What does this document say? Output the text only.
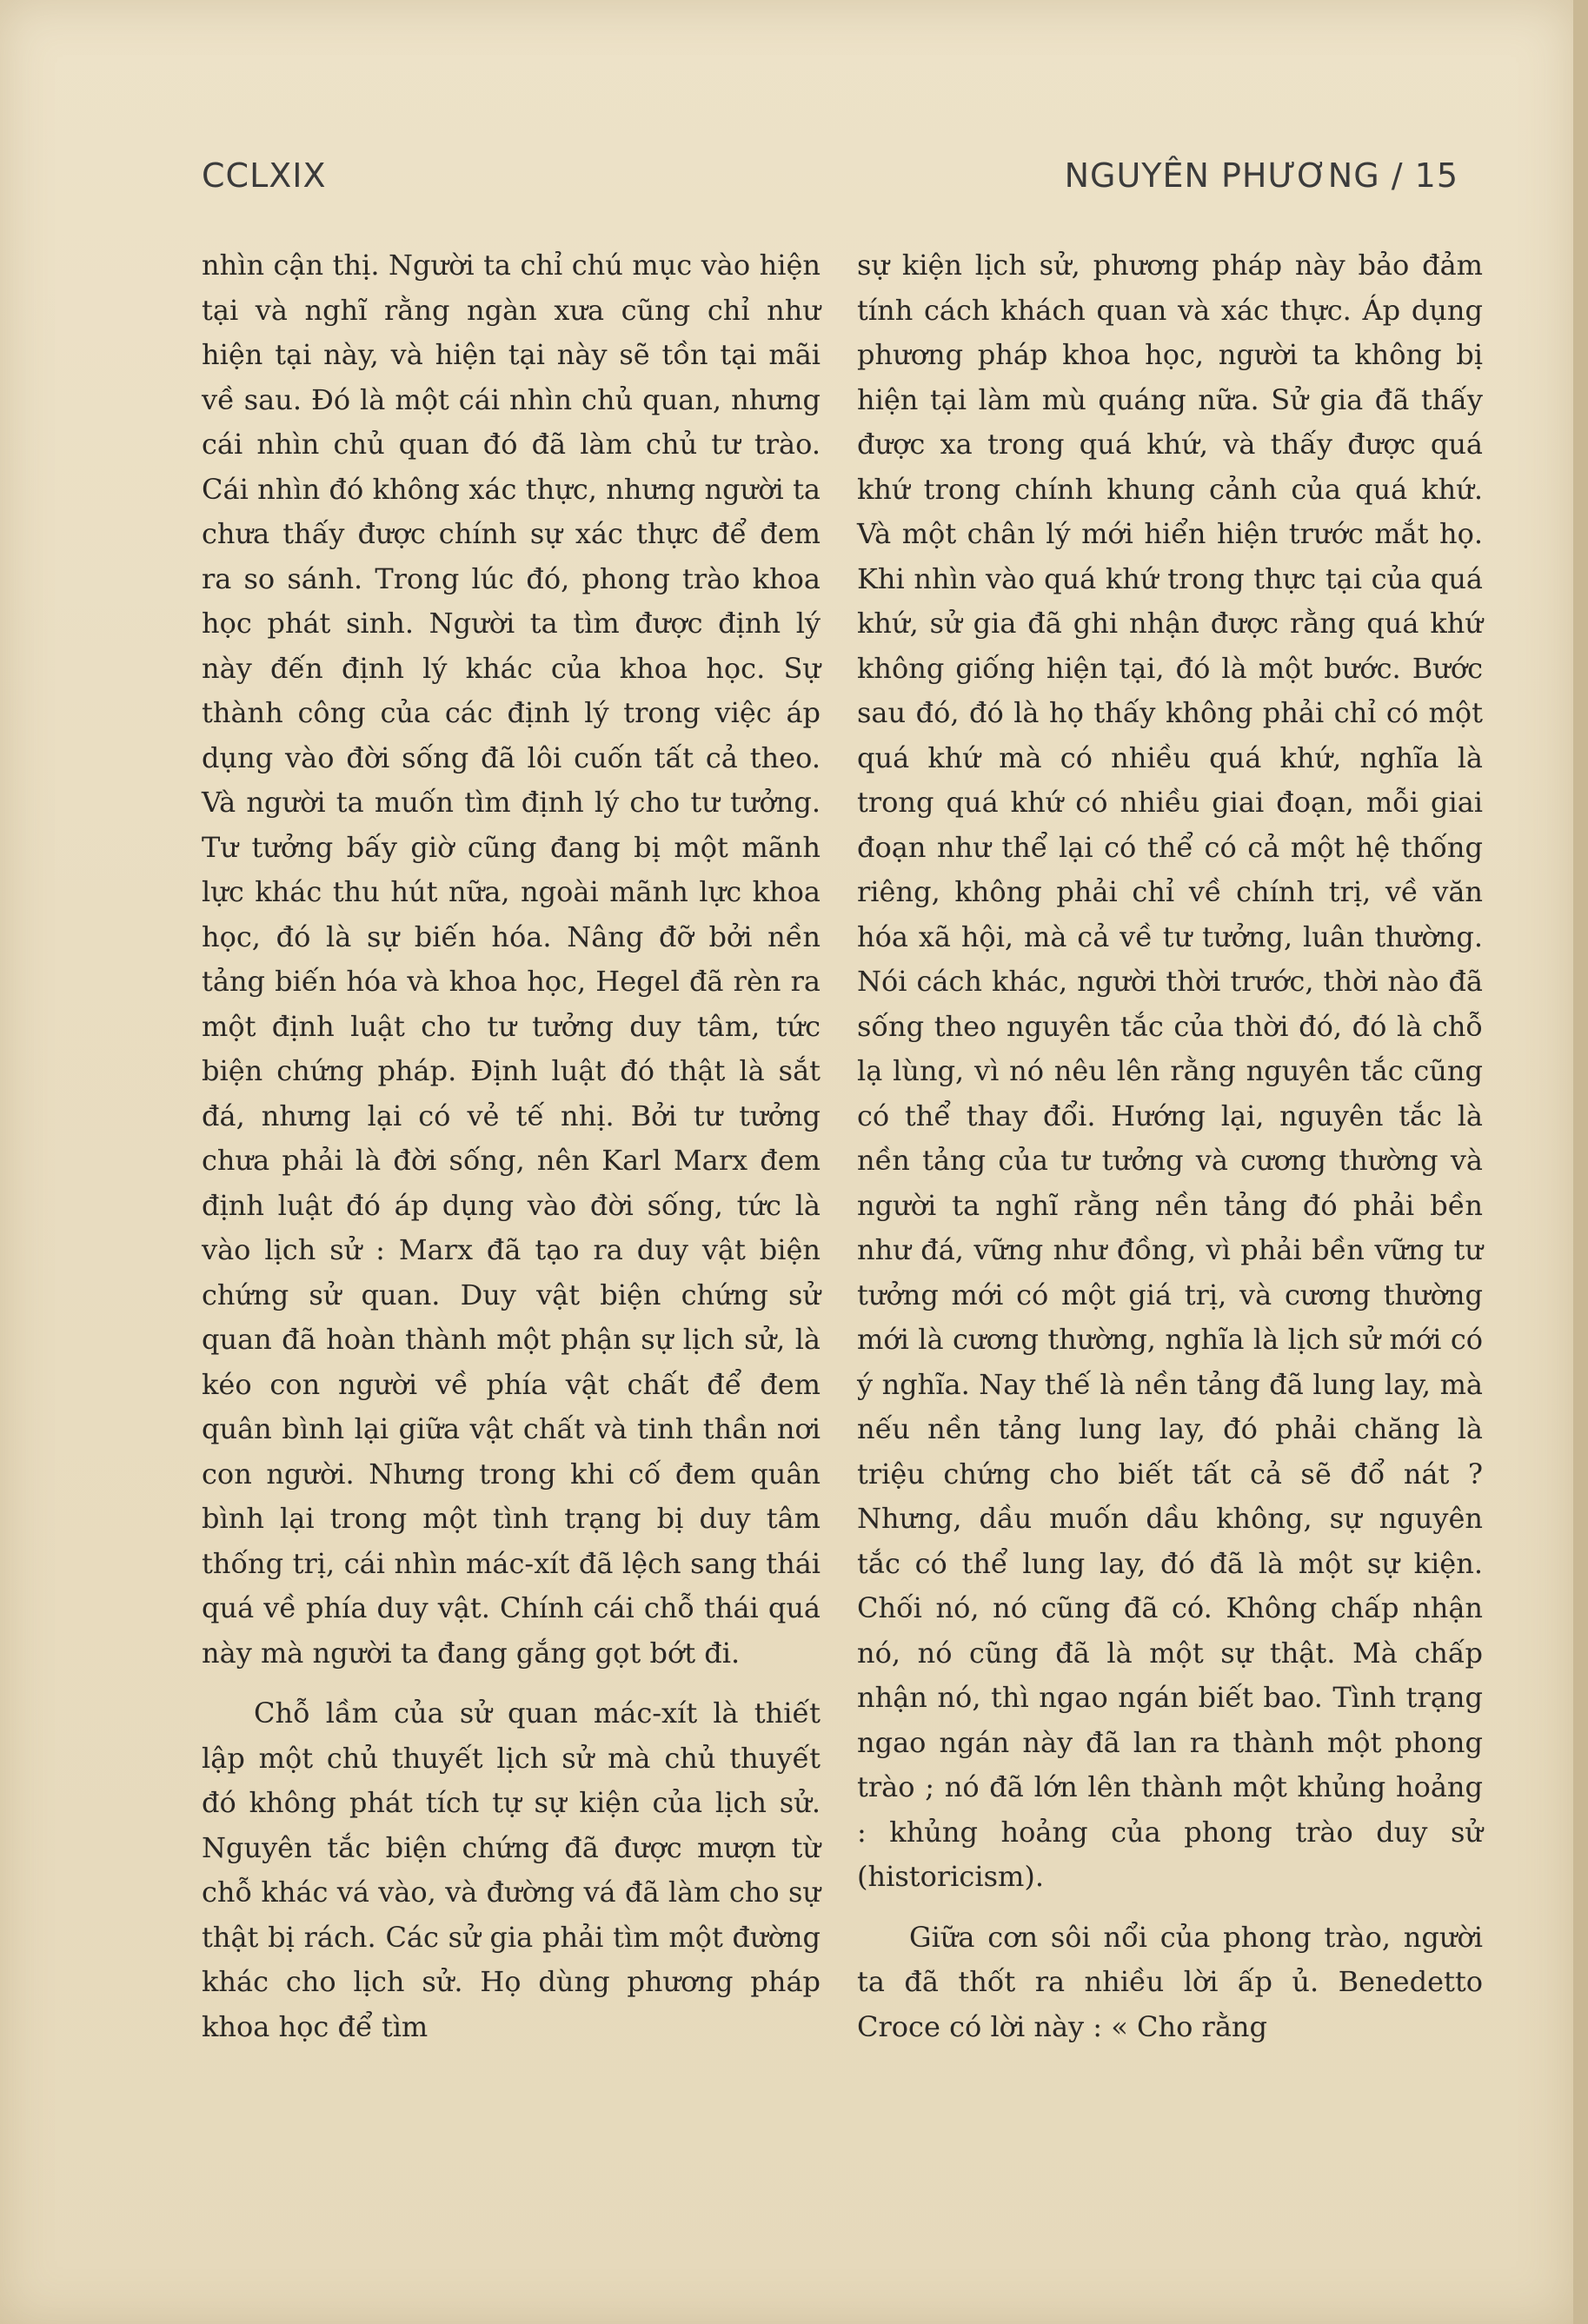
CCLXIX	NGUYÊN PHƯƠNG / 15

nhìn cận thị. Người ta chỉ chú mục vào hiện tại và nghĩ rằng ngàn xưa cũng chỉ như hiện tại này, và hiện tại này sẽ tồn tại mãi về sau. Đó là một cái nhìn chủ quan, nhưng cái nhìn chủ quan đó đã làm chủ tư trào. Cái nhìn đó không xác thực, nhưng người ta chưa thấy được chính sự xác thực để đem ra so sánh. Trong lúc đó, phong trào khoa học phát sinh. Người ta tìm được định lý này đến định lý khác của khoa học. Sự thành công của các định lý trong việc áp dụng vào đời sống đã lôi cuốn tất cả theo. Và người ta muốn tìm định lý cho tư tưởng. Tư tưởng bấy giờ cũng đang bị một mãnh lực khác thu hút nữa, ngoài mãnh lực khoa học, đó là sự biến hóa. Nâng đỡ bởi nền tảng biến hóa và khoa học, Hegel đã rèn ra một định luật cho tư tưởng duy tâm, tức biện chứng pháp. Định luật đó thật là sắt đá, nhưng lại có vẻ tế nhị. Bởi tư tưởng chưa phải là đời sống, nên Karl Marx đem định luật đó áp dụng vào đời sống, tức là vào lịch sử : Marx đã tạo ra duy vật biện chứng sử quan. Duy vật biện chứng sử quan đã hoàn thành một phận sự lịch sử, là kéo con người về phía vật chất để đem quân bình lại giữa vật chất và tinh thần nơi con người. Nhưng trong khi cố đem quân bình lại trong một tình trạng bị duy tâm thống trị, cái nhìn mác-xít đã lệch sang thái quá về phía duy vật. Chính cái chỗ thái quá này mà người ta đang gắng gọt bớt đi.

Chỗ lầm của sử quan mác-xít là thiết lập một chủ thuyết lịch sử mà chủ thuyết đó không phát tích tự sự kiện của lịch sử. Nguyên tắc biện chứng đã được mượn từ chỗ khác vá vào, và đường vá đã làm cho sự thật bị rách. Các sử gia phải tìm một đường khác cho lịch sử. Họ dùng phương pháp khoa học để tìm

sự kiện lịch sử, phương pháp này bảo đảm tính cách khách quan và xác thực. Áp dụng phương pháp khoa học, người ta không bị hiện tại làm mù quáng nữa. Sử gia đã thấy được xa trong quá khứ, và thấy được quá khứ trong chính khung cảnh của quá khứ. Và một chân lý mới hiển hiện trước mắt họ. Khi nhìn vào quá khứ trong thực tại của quá khứ, sử gia đã ghi nhận được rằng quá khứ không giống hiện tại, đó là một bước. Bước sau đó, đó là họ thấy không phải chỉ có một quá khứ mà có nhiều quá khứ, nghĩa là trong quá khứ có nhiều giai đoạn, mỗi giai đoạn như thể lại có thể có cả một hệ thống riêng, không phải chỉ về chính trị, về văn hóa xã hội, mà cả về tư tưởng, luân thường. Nói cách khác, người thời trước, thời nào đã sống theo nguyên tắc của thời đó, đó là chỗ lạ lùng, vì nó nêu lên rằng nguyên tắc cũng có thể thay đổi. Hướng lại, nguyên tắc là nền tảng của tư tưởng và cương thường và người ta nghĩ rằng nền tảng đó phải bền như đá, vững như đồng, vì phải bền vững tư tưởng mới có một giá trị, và cương thường mới là cương thường, nghĩa là lịch sử mới có ý nghĩa. Nay thế là nền tảng đã lung lay, mà nếu nền tảng lung lay, đó phải chăng là triệu chứng cho biết tất cả sẽ đổ nát ? Nhưng, dầu muốn dầu không, sự nguyên tắc có thể lung lay, đó đã là một sự kiện. Chối nó, nó cũng đã có. Không chấp nhận nó, nó cũng đã là một sự thật. Mà chấp nhận nó, thì ngao ngán biết bao. Tình trạng ngao ngán này đã lan ra thành một phong trào ; nó đã lớn lên thành một khủng hoảng : khủng hoảng của phong trào duy sử (historicism).

Giữa cơn sôi nổi của phong trào, người ta đã thốt ra nhiều lời ấp ủ. Benedetto Croce có lời này : « Cho rằng
